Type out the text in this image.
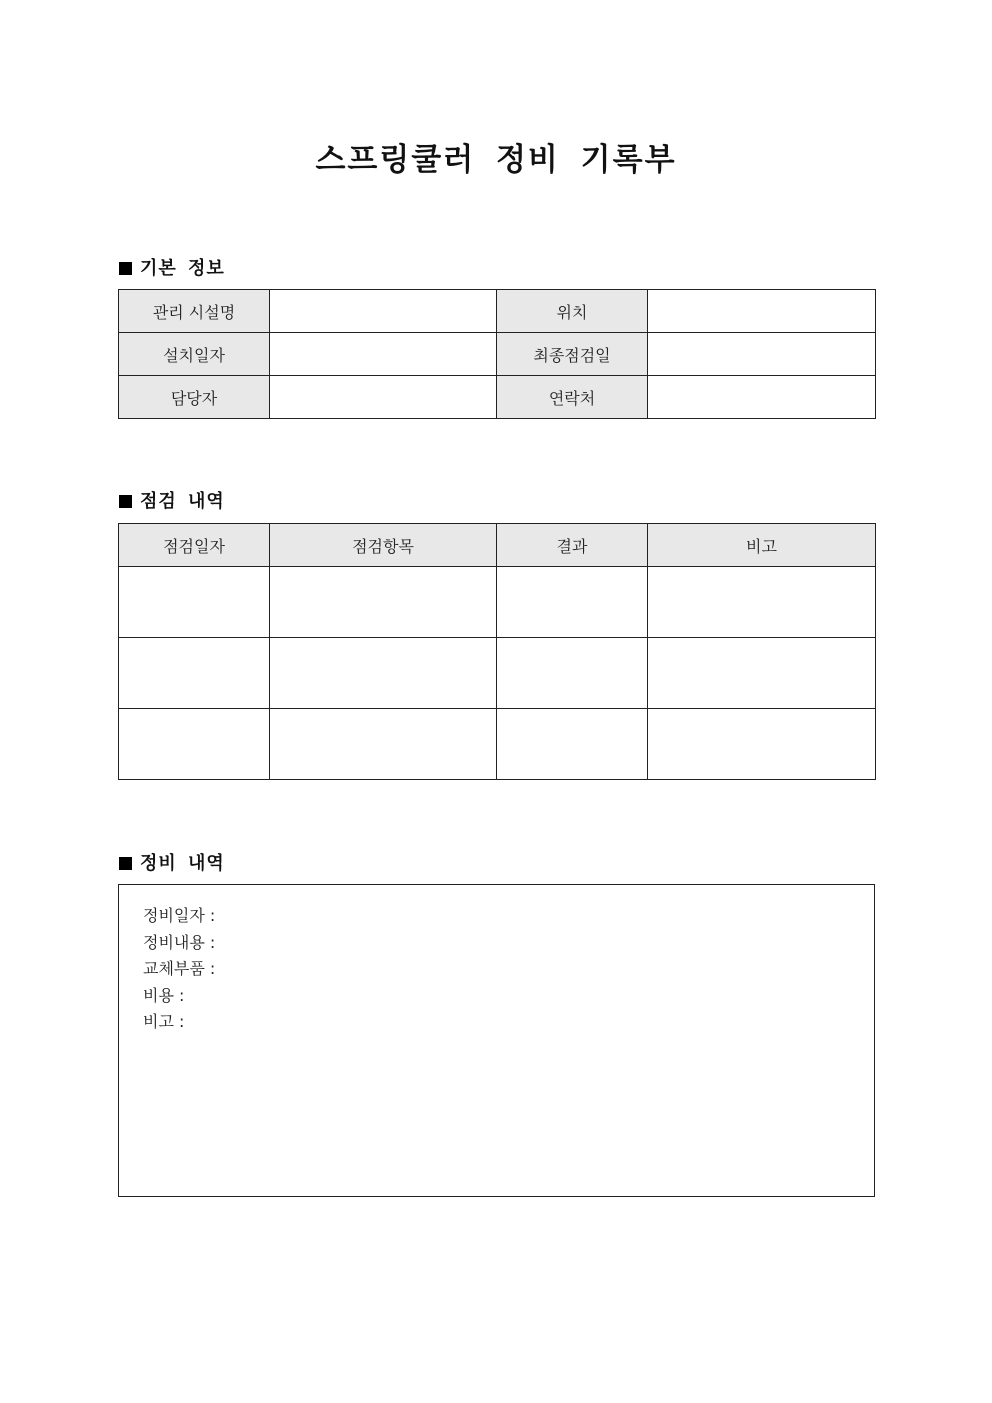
스프링쿨러 정비 기록부
기본 정보
관리 시설명		위치	
설치일자		최종점검일	
담당자		연락처	
점검 내역
점검일자	점검항목	결과	비고

정비 내역
정비일자 :
정비내용 :
교체부품 :
비용 :
비고 :
